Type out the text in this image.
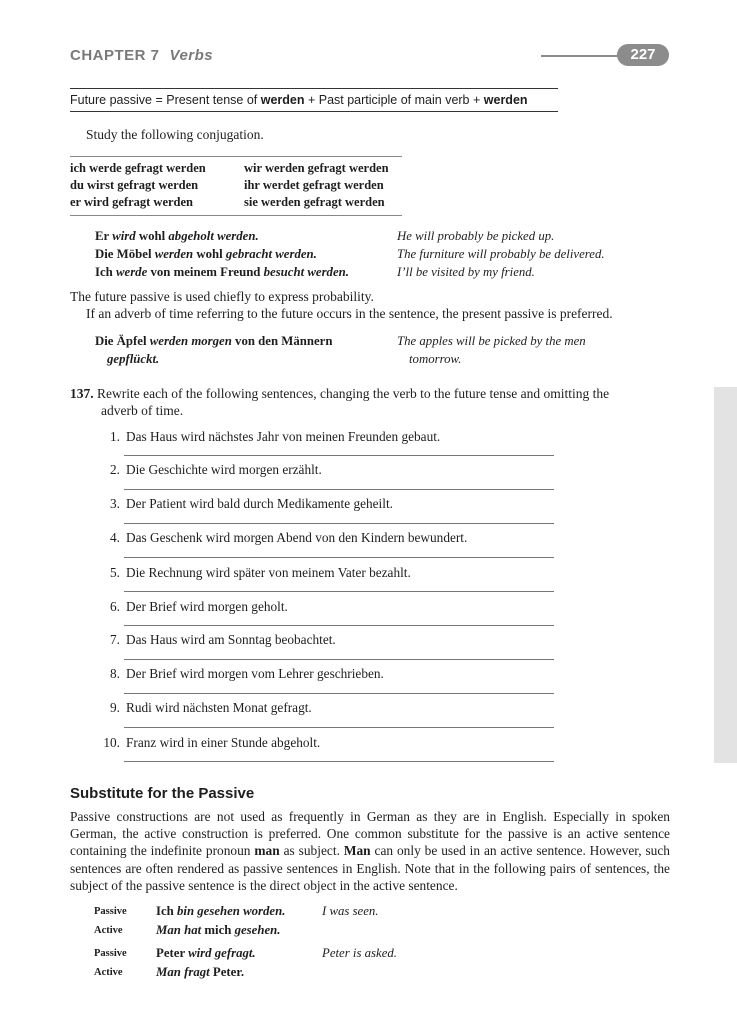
CHAPTER 7 Verbs	227
Future passive = Present tense of werden + Past participle of main verb + werden
Study the following conjugation.
ich werde gefragt werden	wir werden gefragt werden
du wirst gefragt werden	ihr werdet gefragt werden
er wird gefragt werden	sie werden gefragt werden
Er wird wohl abgeholt werden.	He will probably be picked up.
Die Möbel werden wohl gebracht werden.	The furniture will probably be delivered.
Ich werde von meinem Freund besucht werden.	I’ll be visited by my friend.
The future passive is used chiefly to express probability.
If an adverb of time referring to the future occurs in the sentence, the present passive is preferred.
Die Äpfel werden morgen von den Männern	The apples will be picked by the men
gepflückt.	tomorrow.
137. Rewrite each of the following sentences, changing the verb to the future tense and omitting the
adverb of time.
1. Das Haus wird nächstes Jahr von meinen Freunden gebaut.
2. Die Geschichte wird morgen erzählt.
3. Der Patient wird bald durch Medikamente geheilt.
4. Das Geschenk wird morgen Abend von den Kindern bewundert.
5. Die Rechnung wird später von meinem Vater bezahlt.
6. Der Brief wird morgen geholt.
7. Das Haus wird am Sonntag beobachtet.
8. Der Brief wird morgen vom Lehrer geschrieben.
9. Rudi wird nächsten Monat gefragt.
10. Franz wird in einer Stunde abgeholt.
Substitute for the Passive
Passive constructions are not used as frequently in German as they are in English. Especially in spoken German, the active construction is preferred. One common substitute for the passive is an active sentence containing the indefinite pronoun man as subject. Man can only be used in an active sentence. However, such sentences are often rendered as passive sentences in English. Note that in the following pairs of sentences, the subject of the passive sentence is the direct object in the active sentence.
Passive	Ich bin gesehen worden.	I was seen.
Active	Man hat mich gesehen.
Passive	Peter wird gefragt.	Peter is asked.
Active	Man fragt Peter.
